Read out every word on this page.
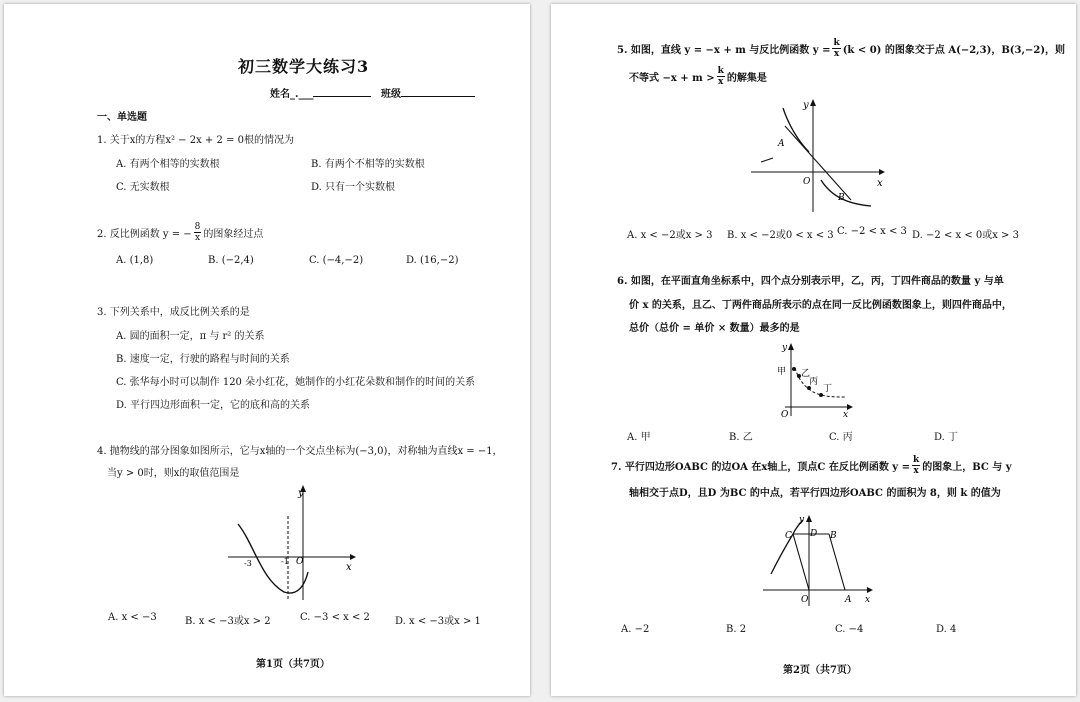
初三数学大练习3
姓名_.___	班级
一、单选题
1. 关于x的方程x² − 2x + 2 = 0根的情况为
A. 有两个相等的实数根	B. 有两个不相等的实数根
C. 无实数根	D. 只有一个实数根
2. 反比例函数 y = − $\frac{8}{x}$ 的图象经过点
A. (1,8)	B. (−2,4)	C. (−4,−2)	D. (16,−2)
3. 下列关系中，成反比例关系的是
A. 圆的面积一定，π 与 r² 的关系
B. 速度一定，行驶的路程与时间的关系
C. 张华每小时可以制作 120 朵小红花，她制作的小红花朵数和制作的时间的关系
D. 平行四边形面积一定，它的底和高的关系
4. 抛物线的部分图象如图所示，它与x轴的一个交点坐标为(−3,0)，对称轴为直线x = −1，
当y > 0时，则x的取值范围是
y
x
O
-3	-1
A. x < −3	B. x < −3或x > 2	C. −3 < x < 2	D. x < −3或x > 1
第1页（共7页）
5. 如图，直线 y = −x + m 与反比例函数 $y = \frac{k}{x} (k < 0)$ 的图象交于点 A(−2,3)，B(3,−2)，则
不等式 $-x + m > \frac{k}{x}$ 的解集是
y
x
O
A
B
A. x < −2或x > 3 B. x < −2或0 < x < 3 C. −2 < x < 3 D. −2 < x < 0或x > 3
6. 如图，在平面直角坐标系中，四个点分别表示甲，乙，丙，丁四件商品的数量 y 与单
价 x 的关系，且乙、丁两件商品所表示的点在同一反比例函数图象上，则四件商品中，
总价（总价 = 单价 × 数量）最多的是
y
x
O
甲 乙
丙
丁
A. 甲	B. 乙	C. 丙	D. 丁
7. 平行四边形OABC 的边OA 在x轴上，顶点C 在反比例函数 $y = \frac{k}{x}$ 的图象上，BC 与 y
轴相交于点D，且D 为BC 的中点，若平行四边形OABC 的面积为 8，则 k 的值为
y
x
O
C D B
A
A. −2	B. 2	C. −4	D. 4
第2页（共7页）
